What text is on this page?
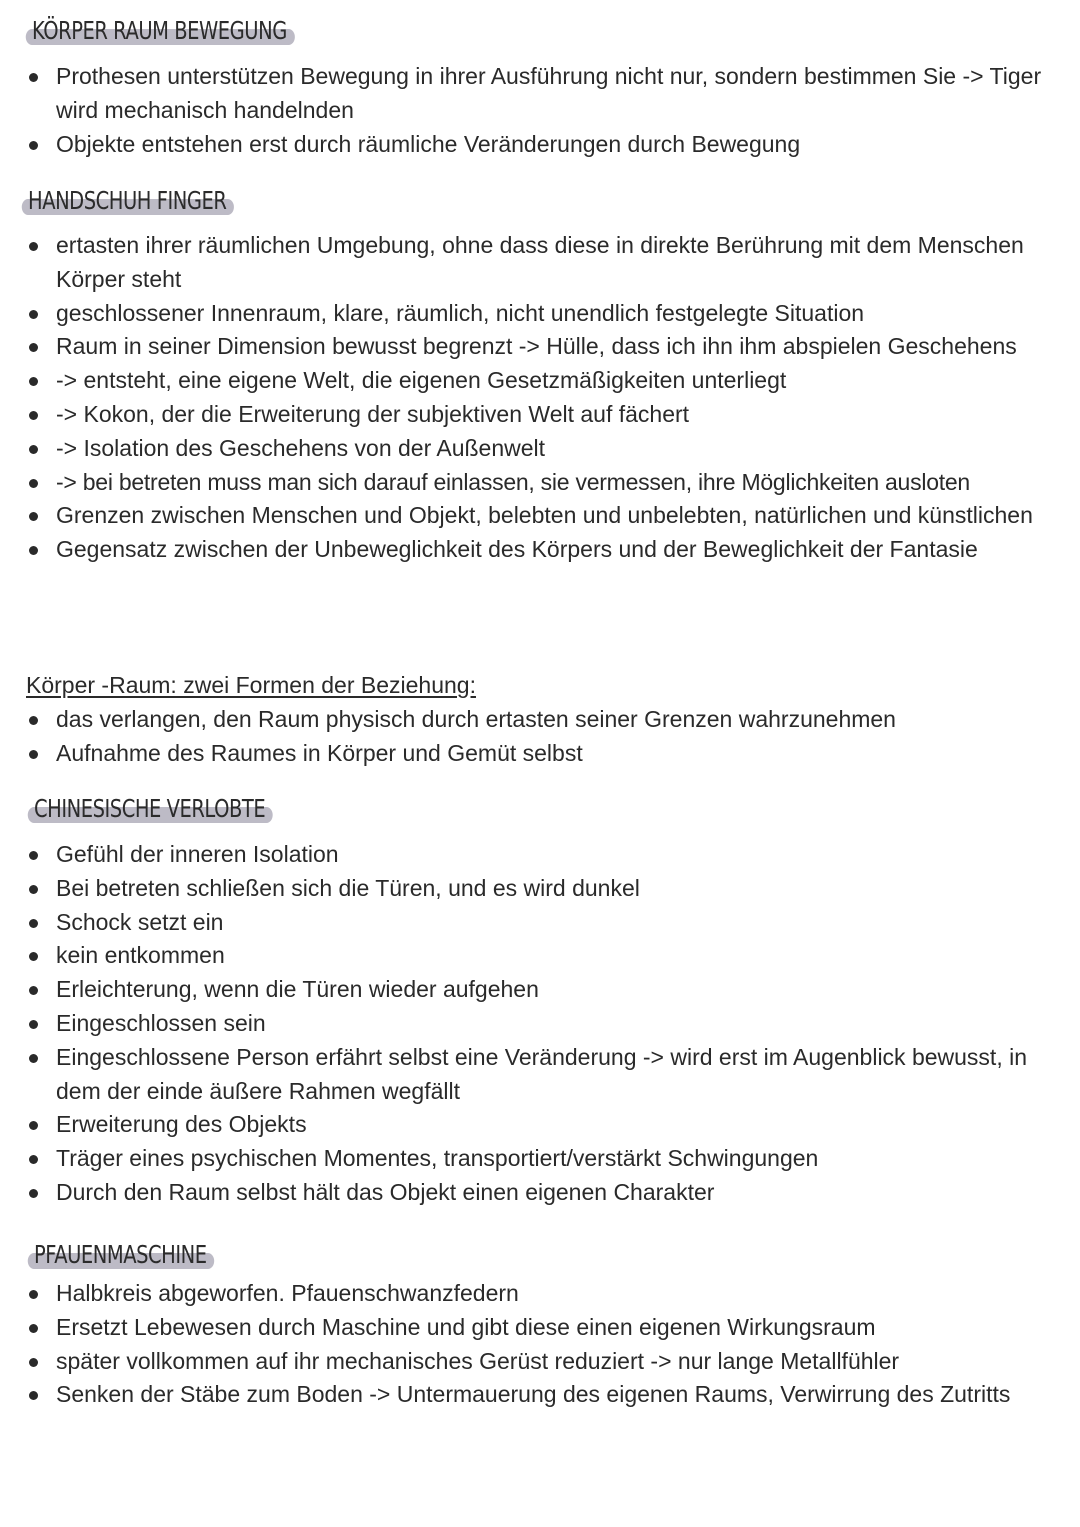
KÖRPER RAUM BEWEGUNG
Prothesen unterstützen Bewegung in ihrer Ausführung nicht nur, sondern bestimmen Sie -> Tiger wird mechanisch handelnden
Objekte entstehen erst durch räumliche Veränderungen durch Bewegung
HANDSCHUH FINGER
ertasten ihrer räumlichen Umgebung, ohne dass diese in direkte Berührung mit dem Menschen Körper steht
geschlossener Innenraum, klare, räumlich, nicht unendlich festgelegte Situation
Raum in seiner Dimension bewusst begrenzt -> Hülle, dass ich ihn ihm abspielen Geschehens
-> entsteht, eine eigene Welt, die eigenen Gesetzmäßigkeiten unterliegt
-> Kokon, der die Erweiterung der subjektiven Welt auf fächert
-> Isolation des Geschehens von der Außenwelt
-> bei betreten muss man sich darauf einlassen, sie vermessen, ihre Möglichkeiten ausloten
Grenzen zwischen Menschen und Objekt, belebten und unbelebten, natürlichen und künstlichen
Gegensatz zwischen der Unbeweglichkeit des Körpers und der Beweglichkeit der Fantasie
Körper -Raum: zwei Formen der Beziehung:
das verlangen, den Raum physisch durch ertasten seiner Grenzen wahrzunehmen
Aufnahme des Raumes in Körper und Gemüt selbst
CHINESISCHE VERLOBTE
Gefühl der inneren Isolation
Bei betreten schließen sich die Türen, und es wird dunkel
Schock setzt ein
kein entkommen
Erleichterung, wenn die Türen wieder aufgehen
Eingeschlossen sein
Eingeschlossene Person erfährt selbst eine Veränderung -> wird erst im Augenblick bewusst, in dem der einde äußere Rahmen wegfällt
Erweiterung des Objekts
Träger eines psychischen Momentes, transportiert/verstärkt Schwingungen
Durch den Raum selbst hält das Objekt einen eigenen Charakter
PFAUENMASCHINE
Halbkreis abgeworfen. Pfauenschwanzfedern
Ersetzt Lebewesen durch Maschine und gibt diese einen eigenen Wirkungsraum
später vollkommen auf ihr mechanisches Gerüst reduziert -> nur lange Metallfühler
Senken der Stäbe zum Boden -> Untermauerung des eigenen Raums, Verwirrung des Zutritts
